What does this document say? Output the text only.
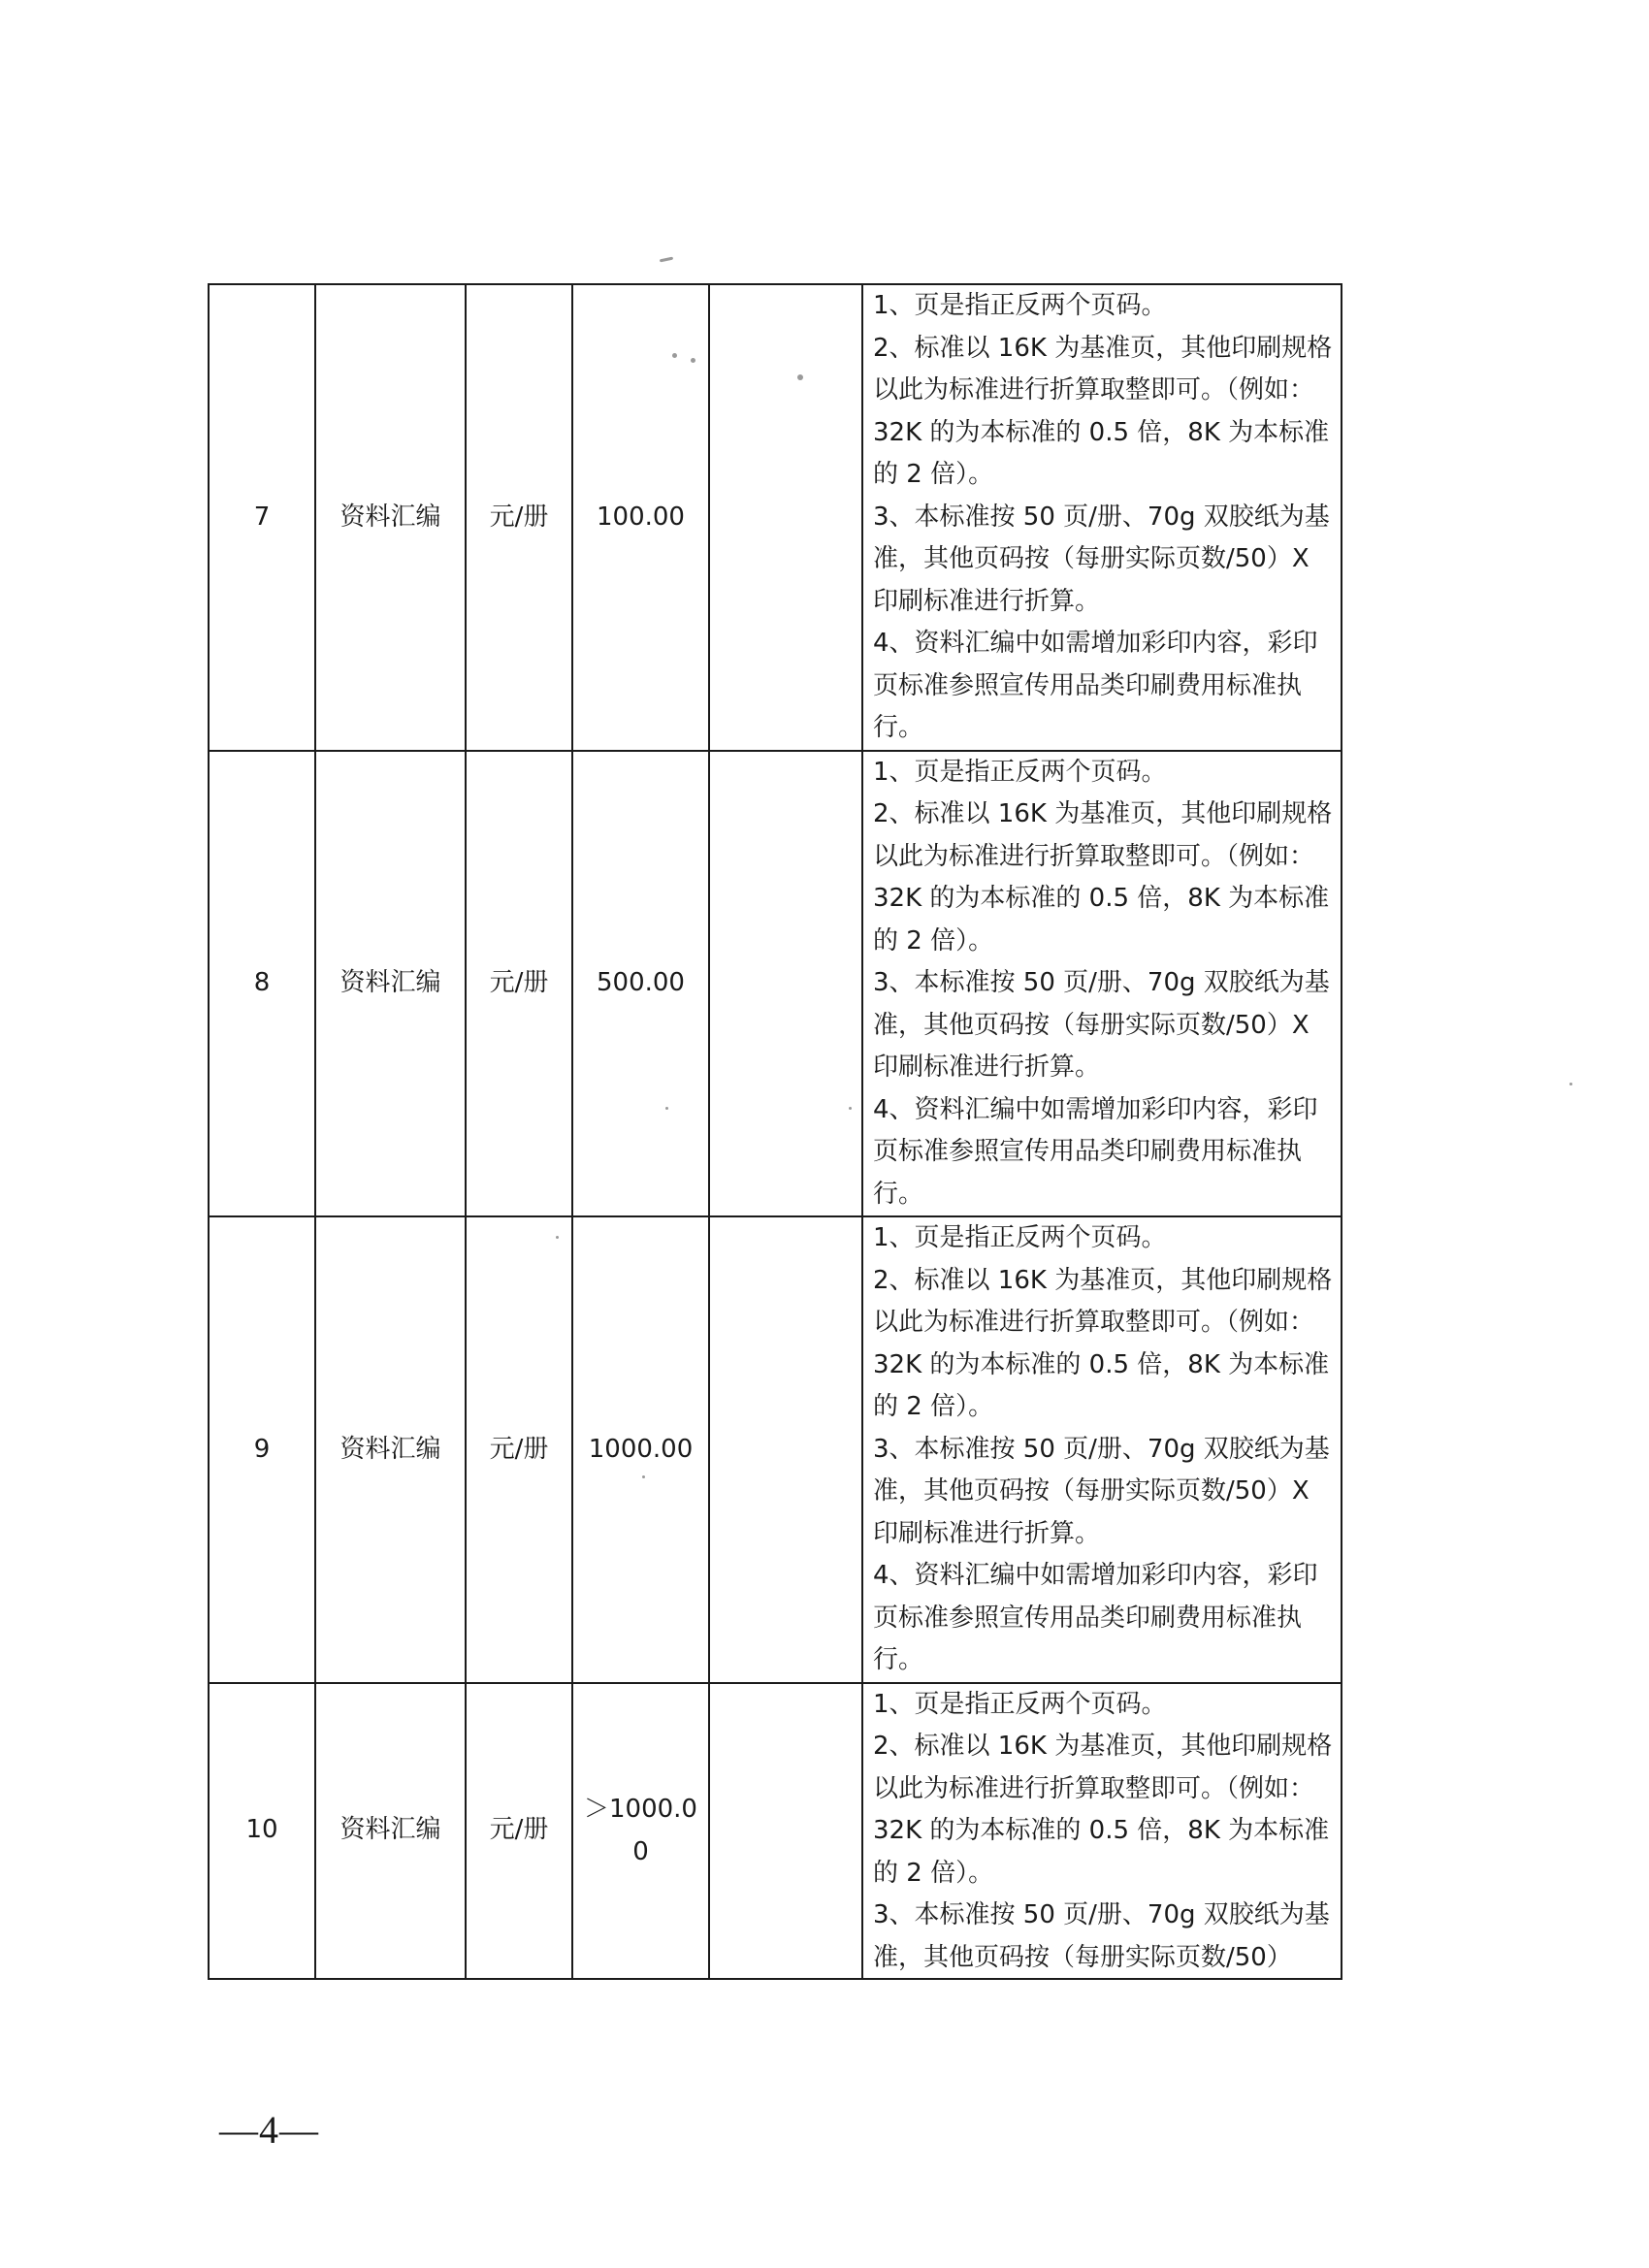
7	资料汇编	元/册	100.00		1、页是指正反两个页码。

2、标准以 16K 为基准页，其他印刷规格以此为标准进行折算取整即可。（例如：32K 的为本标准的 0.5 倍，8K 为本标准的 2 倍）。

3、本标准按 50 页/册、70g 双胶纸为基准，其他页码按（每册实际页数/50）X 印刷标准进行折算。

4、资料汇编中如需增加彩印内容，彩印页标准参照宣传用品类印刷费用标准执行。

8	资料汇编	元/册	500.00		1、页是指正反两个页码。

2、标准以 16K 为基准页，其他印刷规格以此为标准进行折算取整即可。（例如：32K 的为本标准的 0.5 倍，8K 为本标准的 2 倍）。

3、本标准按 50 页/册、70g 双胶纸为基准，其他页码按（每册实际页数/50）X 印刷标准进行折算。

4、资料汇编中如需增加彩印内容，彩印页标准参照宣传用品类印刷费用标准执行。

9	资料汇编	元/册	1000.00		1、页是指正反两个页码。

2、标准以 16K 为基准页，其他印刷规格以此为标准进行折算取整即可。（例如：32K 的为本标准的 0.5 倍，8K 为本标准的 2 倍）。

3、本标准按 50 页/册、70g 双胶纸为基准，其他页码按（每册实际页数/50）X 印刷标准进行折算。

4、资料汇编中如需增加彩印内容，彩印页标准参照宣传用品类印刷费用标准执行。

10	资料汇编	元/册	＞1000.00		1、页是指正反两个页码。

2、标准以 16K 为基准页，其他印刷规格以此为标准进行折算取整即可。（例如：32K 的为本标准的 0.5 倍，8K 为本标准的 2 倍）。

3、本标准按 50 页/册、70g 双胶纸为基准，其他页码按（每册实际页数/50）

—4—
